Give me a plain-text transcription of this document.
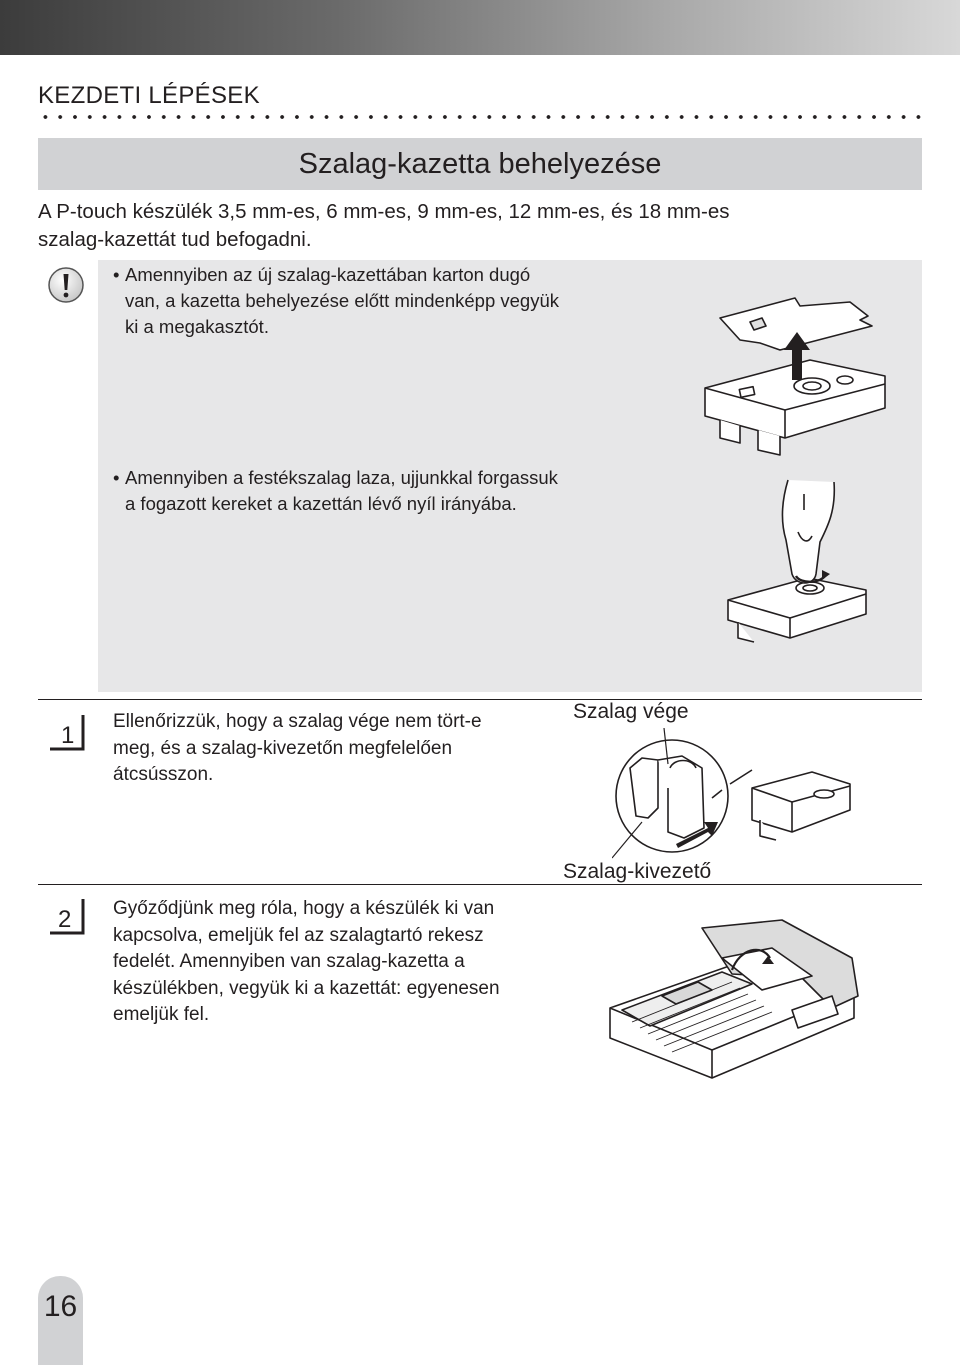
KEZDETI LÉPÉSEK
Szalag-kazetta behelyezése

A P-touch készülék 3,5 mm-es, 6 mm-es, 9 mm-es, 12 mm-es, és 18 mm-es
szalag-kazettát tud befogadni.

• Amennyiben az új szalag-kazettában karton dugó
van, a kazetta behelyezése előtt mindenképp vegyük
ki a megakasztót.

• Amennyiben a festékszalag laza, ujjunkkal forgassuk
a fogazott kereket a kazettán lévő nyíl irányába.

1

Ellenőrizzük, hogy a szalag vége nem tört-e
meg, és a szalag-kivezetőn megfelelően
átcsússzon.

Szalag vége
Szalag-kivezető
2 Győződjünk meg róla, hogy a készülék ki van
kapcsolva, emeljük fel az szalagtartó rekesz
fedelét. Amennyiben van szalag-kazetta a
készülékben, vegyük ki a kazettát: egyenesen
emeljük fel.

16
